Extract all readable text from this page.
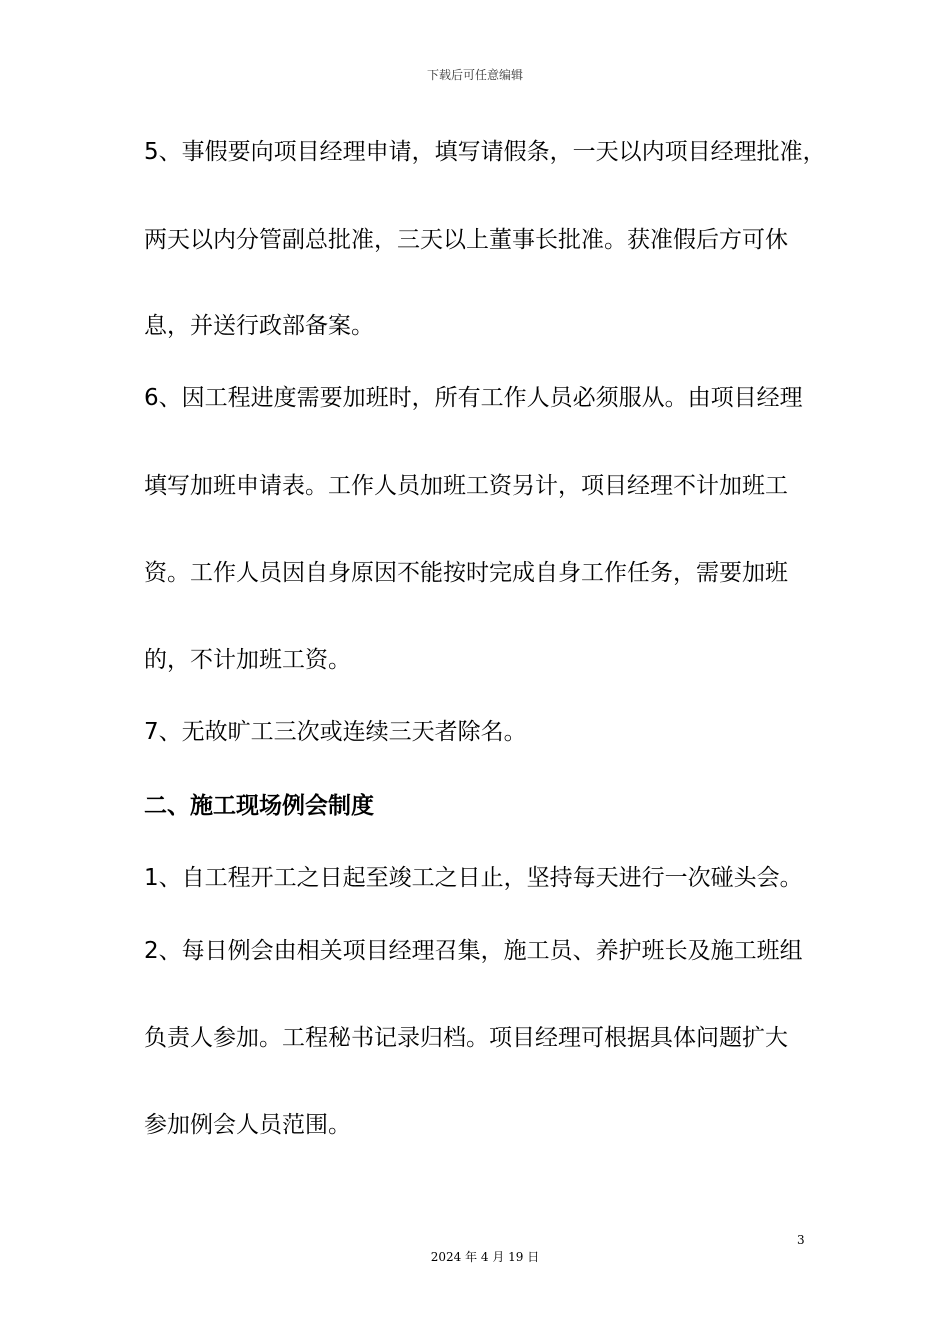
下载后可任意编辑
5、事假要向项目经理申请，填写请假条，一天以内项目经理批准，
两天以内分管副总批准，三天以上董事长批准。获准假后方可休
息，并送行政部备案。
6、因工程进度需要加班时，所有工作人员必须服从。由项目经理
填写加班申请表。工作人员加班工资另计，项目经理不计加班工
资。工作人员因自身原因不能按时完成自身工作任务，需要加班
的，不计加班工资。
7、无故旷工三次或连续三天者除名。
二、施工现场例会制度
1、自工程开工之日起至竣工之日止，坚持每天进行一次碰头会。
2、每日例会由相关项目经理召集，施工员、养护班长及施工班组
负责人参加。工程秘书记录归档。项目经理可根据具体问题扩大
参加例会人员范围。
3
2024 年 4 月 19 日
